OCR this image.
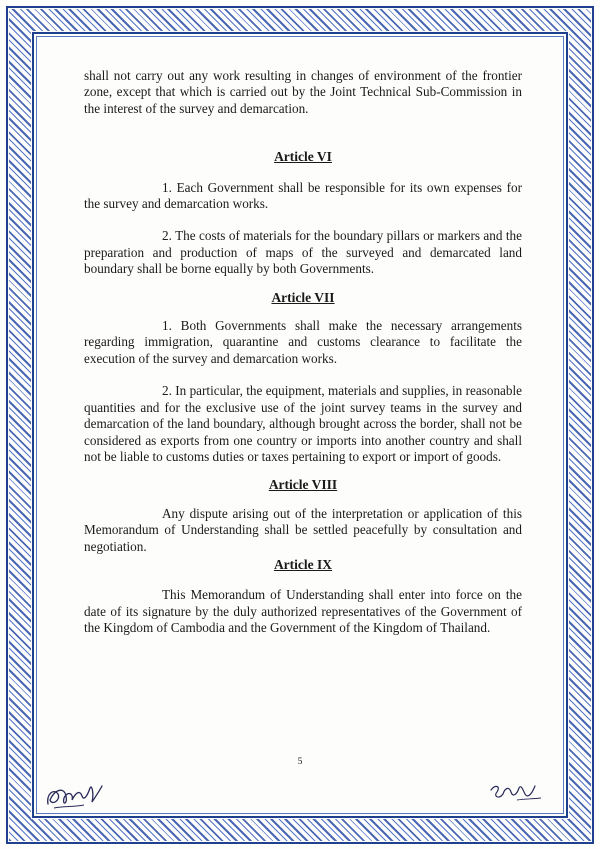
shall not carry out any work resulting in changes of environment of the frontier zone, except that which is carried out by the Joint Technical Sub-Commission in the interest of the survey and demarcation.

Article VI

1. Each Government shall be responsible for its own expenses for the survey and demarcation works.

2. The costs of materials for the boundary pillars or markers and the preparation and production of maps of the surveyed and demarcated land boundary shall be borne equally by both Governments.

Article VII

1. Both Governments shall make the necessary arrangements regarding immigration, quarantine and customs clearance to facilitate the execution of the survey and demarcation works.

2. In particular, the equipment, materials and supplies, in reasonable quantities and for the exclusive use of the joint survey teams in the survey and demarcation of the land boundary, although brought across the border, shall not be considered as exports from one country or imports into another country and shall not be liable to customs duties or taxes pertaining to export or import of goods.

Article VIII

Any dispute arising out of the interpretation or application of this Memorandum of Understanding shall be settled peacefully by consultation and negotiation.

Article IX

This Memorandum of Understanding shall enter into force on the date of its signature by the duly authorized representatives of the Government of the Kingdom of Cambodia and the Government of the Kingdom of Thailand.

5
